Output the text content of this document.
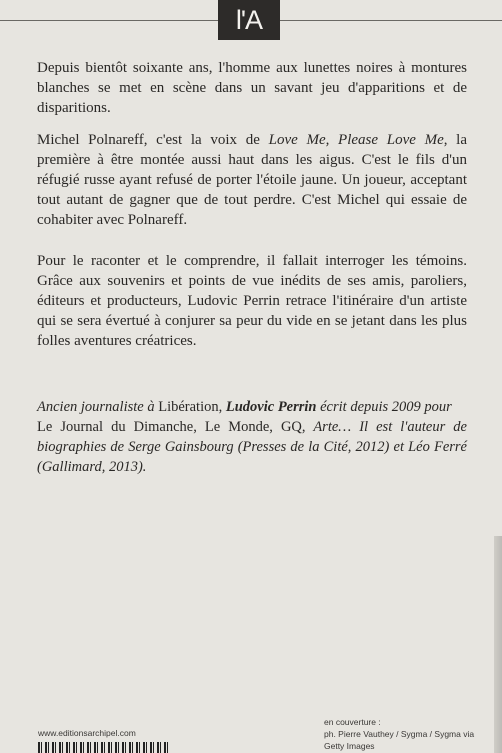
l'A

Depuis bientôt soixante ans, l'homme aux lunettes noires à montures blanches se met en scène dans un savant jeu d'apparitions et de disparitions.

Michel Polnareff, c'est la voix de Love Me, Please Love Me, la première à être montée aussi haut dans les aigus. C'est le fils d'un réfugié russe ayant refusé de porter l'étoile jaune. Un joueur, acceptant tout autant de gagner que de tout perdre. C'est Michel qui essaie de cohabiter avec Polnareff.

Pour le raconter et le comprendre, il fallait interroger les témoins. Grâce aux souvenirs et points de vue inédits de ses amis, paroliers, éditeurs et producteurs, Ludovic Perrin retrace l'itinéraire d'un artiste qui se sera évertué à conjurer sa peur du vide en se jetant dans les plus folles aventures créatrices.

Ancien journaliste à Libération, Ludovic Perrin écrit depuis 2009 pour
Le Journal du Dimanche, Le Monde, GQ, Arte… Il est l'auteur de biographies de Serge Gainsbourg (Presses de la Cité, 2012) et Léo Ferré (Gallimard, 2013).
www.editionsarchipel.com
en couverture :
ph. Pierre Vauthey / Sygma / Sygma via Getty Images
